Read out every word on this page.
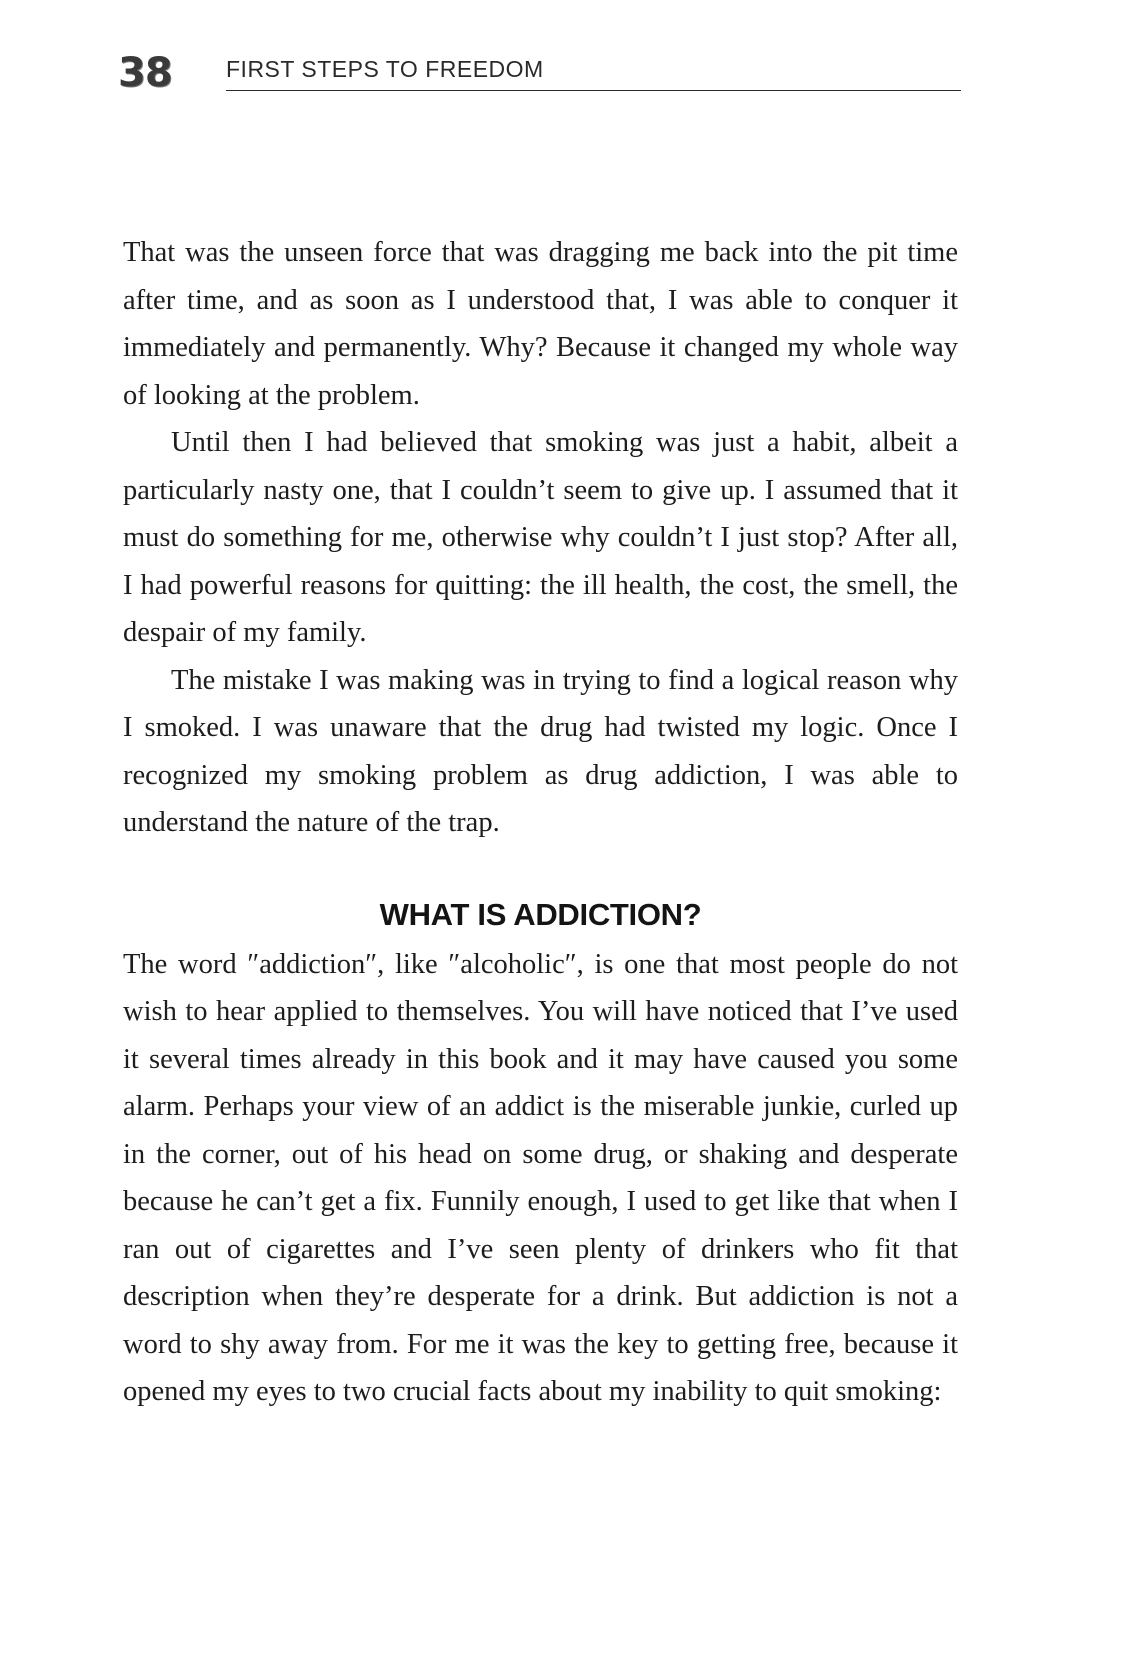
38 FIRST STEPS TO FREEDOM

That was the unseen force that was dragging me back into the pit time after time, and as soon as I understood that, I was able to conquer it immediately and permanently. Why? Because it changed my whole way of looking at the problem.

Until then I had believed that smoking was just a habit, albeit a particularly nasty one, that I couldn’t seem to give up. I assumed that it must do something for me, otherwise why couldn’t I just stop? After all, I had powerful reasons for quitting: the ill health, the cost, the smell, the despair of my family.

The mistake I was making was in trying to find a logical reason why I smoked. I was unaware that the drug had twisted my logic. Once I recognized my smoking problem as drug addiction, I was able to understand the nature of the trap.

WHAT IS ADDICTION?

The word ″addiction″, like ″alcoholic″, is one that most people do not wish to hear applied to themselves. You will have noticed that I’ve used it several times already in this book and it may have caused you some alarm. Perhaps your view of an addict is the miserable junkie, curled up in the corner, out of his head on some drug, or shaking and desperate because he can’t get a fix. Funnily enough, I used to get like that when I ran out of cigarettes and I’ve seen plenty of drinkers who fit that description when they’re desperate for a drink. But addiction is not a word to shy away from. For me it was the key to getting free, because it opened my eyes to two crucial facts about my inability to quit smoking:
